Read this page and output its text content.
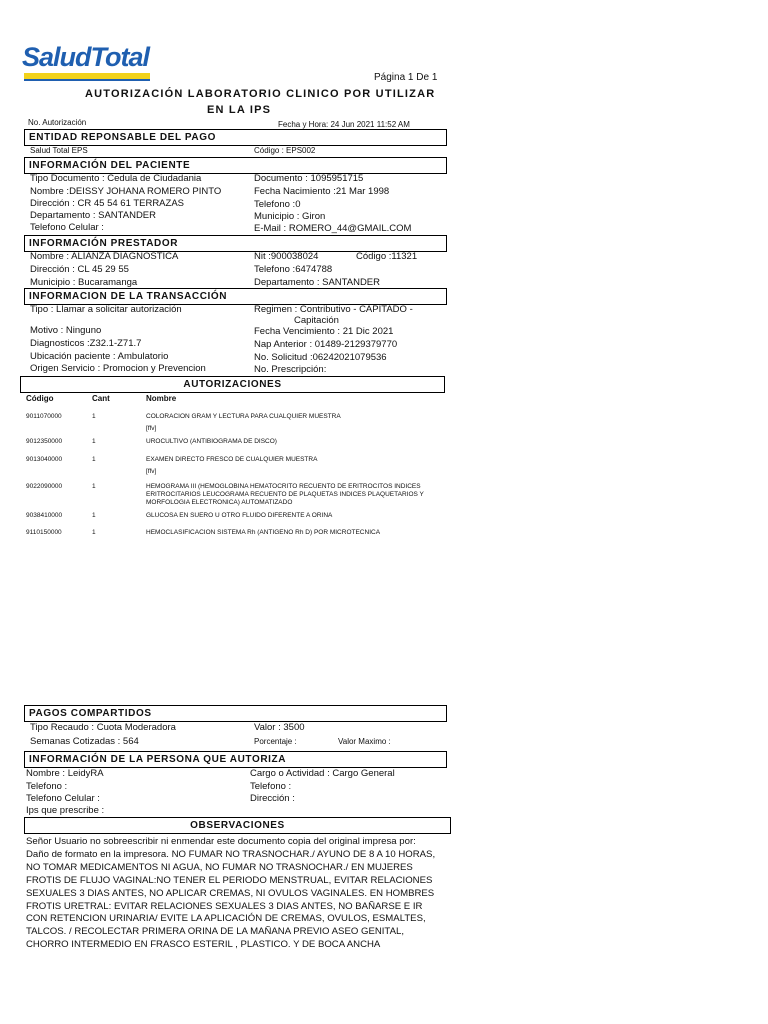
SaludTotal
Página 1 De 1
AUTORIZACIÓN LABORATORIO CLINICO POR UTILIZAR
EN LA IPS
No. Autorización	Fecha y Hora: 24 Jun 2021 11:52 AM
ENTIDAD REPONSABLE DEL PAGO
Salud Total EPS	Código : EPS002
INFORMACIÓN DEL PACIENTE
Tipo Documento : Cedula de Ciudadania	Documento : 1095951715
Nombre :DEISSY JOHANA ROMERO PINTO	Fecha Nacimiento :21 Mar 1998
Dirección : CR 45 54 61 TERRAZAS	Telefono :0
Departamento : SANTANDER	Municipio : Giron
Telefono Celular :	E-Mail : ROMERO_44@GMAIL.COM
INFORMACIÓN PRESTADOR
Nombre : ALIANZA DIAGNOSTICA	Nit :900038024	Código :11321
Dirección : CL 45 29 55	Telefono :6474788
Municipio : Bucaramanga	Departamento : SANTANDER
INFORMACION DE LA TRANSACCIÓN
Tipo : Llamar a solicitar autorización	Regimen : Contributivo - CAPITADO -
Capitación
Motivo : Ninguno	Fecha Vencimiento : 21 Dic 2021
Diagnosticos :Z32.1-Z71.7	Nap Anterior : 01489-2129379770
Ubicación paciente : Ambulatorio	No. Solicitud :06242021079536
Origen Servicio : Promocion y Prevencion	No. Prescripción:
AUTORIZACIONES
Código	Cant	Nombre
9011070000	1	COLORACION GRAM Y LECTURA PARA CUALQUIER MUESTRA
[ffv]
9012350000	1	UROCULTIVO (ANTIBIOGRAMA DE DISCO)
9013040000	1	EXAMEN DIRECTO FRESCO DE CUALQUIER MUESTRA
[ffv]
9022090000	1	HEMOGRAMA III (HEMOGLOBINA HEMATOCRITO RECUENTO DE ERITROCITOS INDICES
ERITROCITARIOS LEUCOGRAMA RECUENTO DE PLAQUETAS INDICES PLAQUETARIOS Y
MORFOLOGIA ELECTRONICA) AUTOMATIZADO
9038410000	1	GLUCOSA EN SUERO U OTRO FLUIDO DIFERENTE A ORINA
9110150000	1	HEMOCLASIFICACION SISTEMA Rh (ANTIGENO Rh D) POR MICROTECNICA
PAGOS COMPARTIDOS
Tipo Recaudo : Cuota Moderadora	Valor : 3500
Semanas Cotizadas : 564	Porcentaje :	Valor Maximo :
INFORMACIÓN DE LA PERSONA QUE AUTORIZA
Nombre : LeidyRA	Cargo o Actividad : Cargo General
Telefono :	Telefono :
Telefono Celular :	Dirección :
Ips que prescribe :
OBSERVACIONES
Señor Usuario no sobreescribir ni enmendar este documento copia del original impresa por: Daño de formato en la impresora. NO FUMAR NO TRASNOCHAR./ AYUNO DE 8 A 10 HORAS, NO TOMAR MEDICAMENTOS NI AGUA, NO FUMAR NO TRASNOCHAR./ EN MUJERES FROTIS DE FLUJO VAGINAL:NO TENER EL PERIODO MENSTRUAL, EVITAR RELACIONES SEXUALES 3 DIAS ANTES, NO APLICAR CREMAS, NI OVULOS VAGINALES. EN HOMBRES FROTIS URETRAL: EVITAR RELACIONES SEXUALES 3 DIAS ANTES, NO BAÑARSE E IR CON RETENCION URINARIA/ EVITE LA APLICACIÓN DE CREMAS, OVULOS, ESMALTES, TALCOS. / RECOLECTAR PRIMERA ORINA DE LA MAÑANA PREVIO ASEO GENITAL, CHORRO INTERMEDIO EN FRASCO ESTERIL , PLASTICO. Y DE BOCA ANCHA
